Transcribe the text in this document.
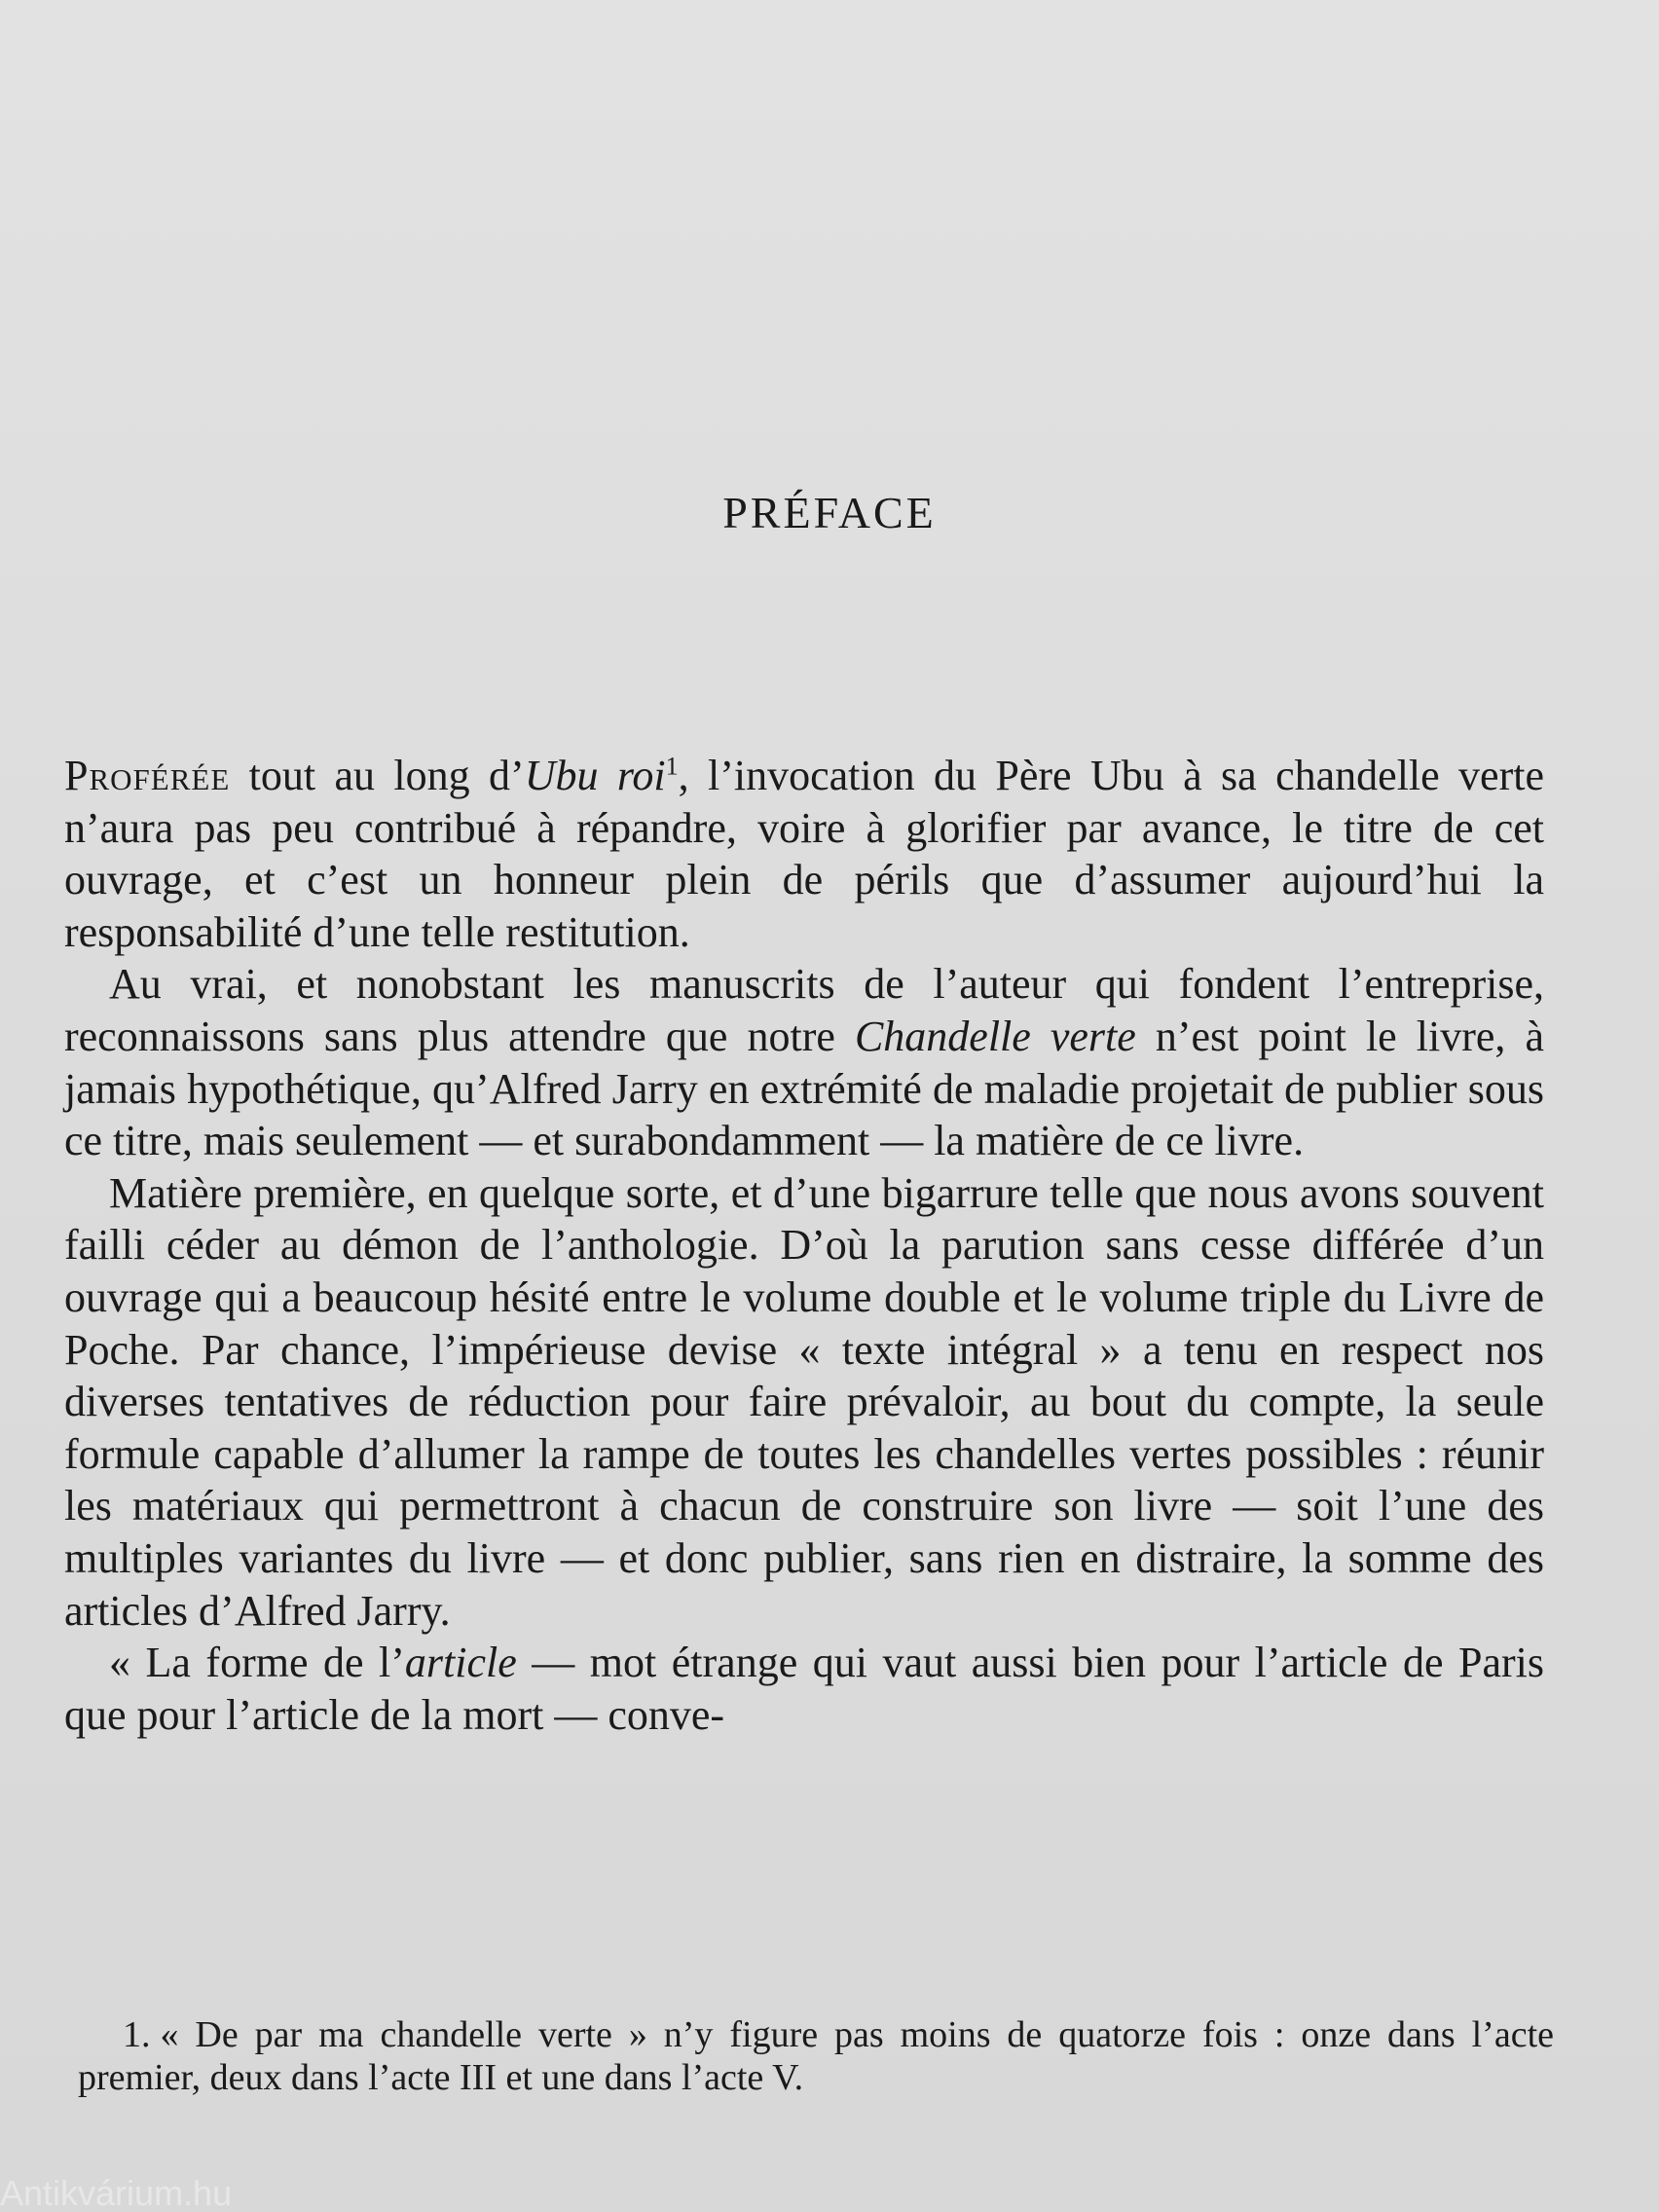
PRÉFACE

Proférée tout au long d’Ubu roi$^1$, l’invocation du Père Ubu à sa chandelle verte n’aura pas peu contribué à répandre, voire à glorifier par avance, le titre de cet ouvrage, et c’est un honneur plein de périls que d’assumer aujourd’hui la responsabilité d’une telle restitution.

Au vrai, et nonobstant les manuscrits de l’auteur qui fondent l’entreprise, reconnaissons sans plus attendre que notre Chandelle verte n’est point le livre, à jamais hypothétique, qu’Alfred Jarry en extrémité de maladie projetait de publier sous ce titre, mais seulement — et surabondamment — la matière de ce livre.

Matière première, en quelque sorte, et d’une bigarrure telle que nous avons souvent failli céder au démon de l’anthologie. D’où la parution sans cesse différée d’un ouvrage qui a beaucoup hésité entre le volume double et le volume triple du Livre de Poche. Par chance, l’impérieuse devise « texte intégral » a tenu en respect nos diverses tentatives de réduction pour faire prévaloir, au bout du compte, la seule formule capable d’allumer la rampe de toutes les chandelles vertes possibles : réunir les matériaux qui permettront à chacun de construire son livre — soit l’une des multiples variantes du livre — et donc publier, sans rien en distraire, la somme des articles d’Alfred Jarry.

« La forme de l’article — mot étrange qui vaut aussi bien pour l’article de Paris que pour l’article de la mort — conve-

1. « De par ma chandelle verte » n’y figure pas moins de quatorze fois : onze dans l’acte premier, deux dans l’acte III et une dans l’acte V.

Antikvárium.hu
